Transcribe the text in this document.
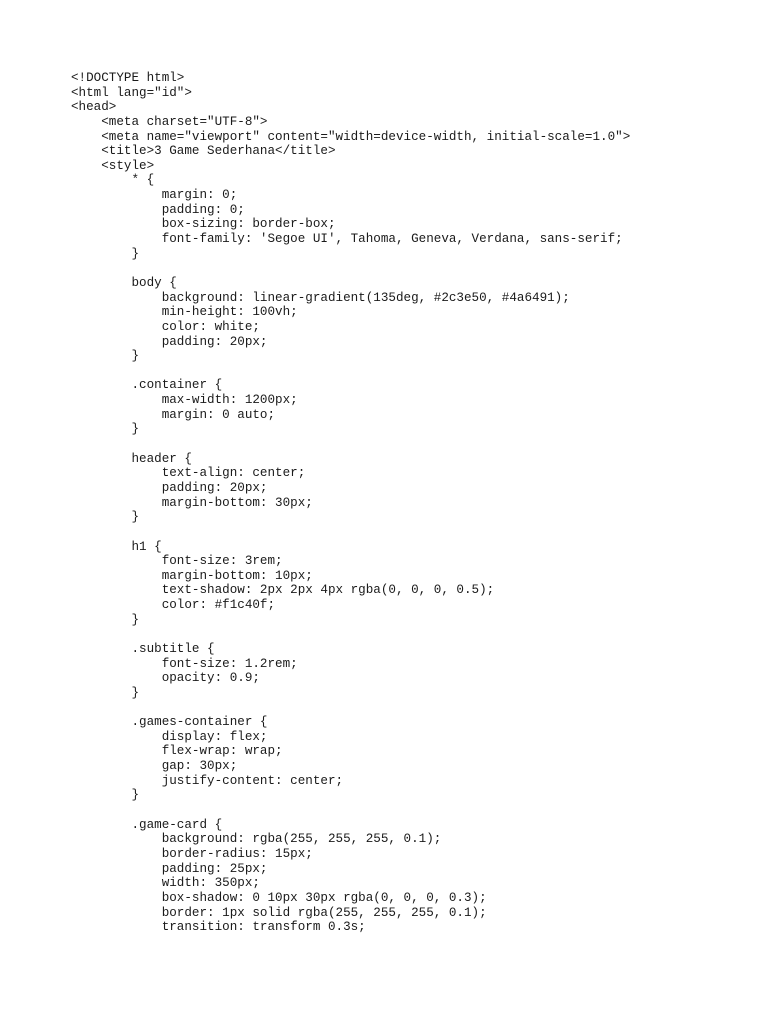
<!DOCTYPE html>
<html lang="id">
<head>
<meta charset="UTF-8">
<meta name="viewport" content="width=device-width, initial-scale=1.0">
<title>3 Game Sederhana</title>
<style>
* {
margin: 0;
padding: 0;
box-sizing: border-box;
font-family: 'Segoe UI', Tahoma, Geneva, Verdana, sans-serif;
}
body {
background: linear-gradient(135deg, #2c3e50, #4a6491);
min-height: 100vh;
color: white;
padding: 20px;
}
.container {
max-width: 1200px;
margin: 0 auto;
}
header {
text-align: center;
padding: 20px;
margin-bottom: 30px;
}
h1 {
font-size: 3rem;
margin-bottom: 10px;
text-shadow: 2px 2px 4px rgba(0, 0, 0, 0.5);
color: #f1c40f;
}
.subtitle {
font-size: 1.2rem;
opacity: 0.9;
}
.games-container {
display: flex;
flex-wrap: wrap;
gap: 30px;
justify-content: center;
}
.game-card {
background: rgba(255, 255, 255, 0.1);
border-radius: 15px;
padding: 25px;
width: 350px;
box-shadow: 0 10px 30px rgba(0, 0, 0, 0.3);
border: 1px solid rgba(255, 255, 255, 0.1);
transition: transform 0.3s;
